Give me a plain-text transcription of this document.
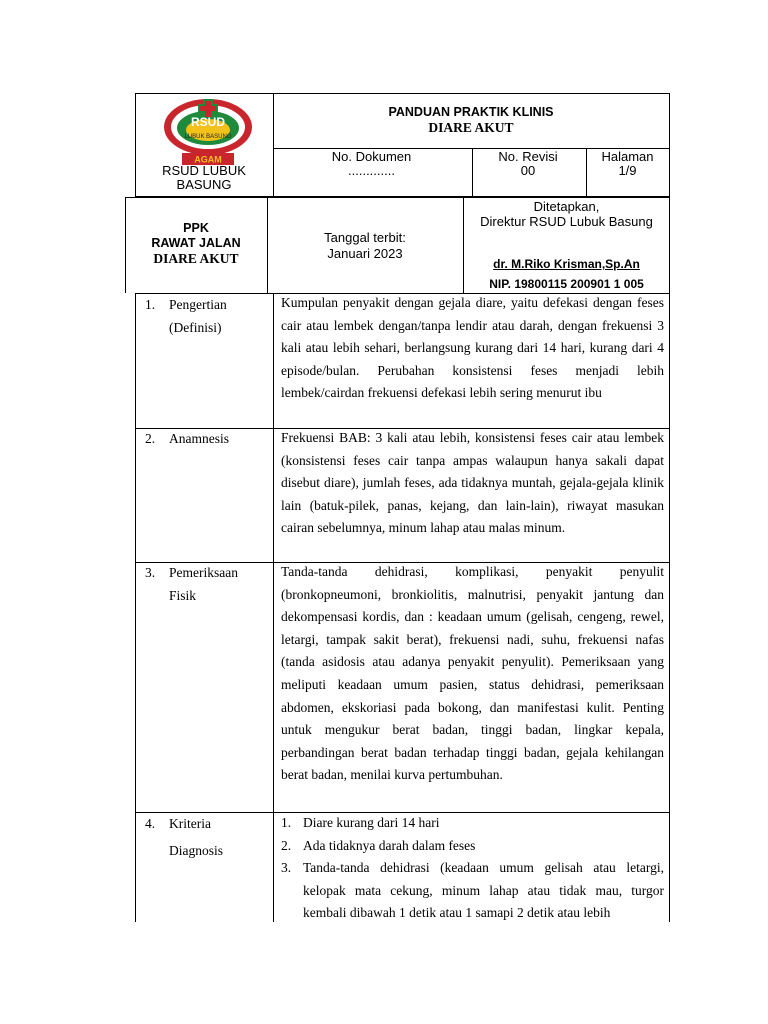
RSUD
LUBUK BASUNG
AGAM
RSUD LUBUK
BASUNG
PANDUAN PRAKTIK KLINIS
DIARE AKUT
No. Dokumen
.............
No. Revisi
00
Halaman
1/9
PPK
RAWAT JALAN
DIARE AKUT
Tanggal terbit:
Januari 2023
Ditetapkan,
Direktur RSUD Lubuk Basung
dr. M.Riko Krisman,Sp.An
NIP. 19800115 200901 1 005
1. Pengertian
(Definisi)
Kumpulan penyakit dengan gejala diare, yaitu defekasi dengan feses cair atau lembek dengan/tanpa lendir atau darah, dengan frekuensi 3 kali atau lebih sehari, berlangsung kurang dari 14 hari, kurang dari 4 episode/bulan. Perubahan konsistensi feses menjadi lebih lembek/cairdan frekuensi defekasi lebih sering menurut ibu
2. Anamnesis	Frekuensi BAB: 3 kali atau lebih, konsistensi feses cair atau lembek (konsistensi feses cair tanpa ampas walaupun hanya sakali dapat disebut diare), jumlah feses, ada tidaknya muntah, gejala-gejala klinik lain (batuk-pilek, panas, kejang, dan lain-lain), riwayat masukan cairan sebelumnya, minum lahap atau malas minum.
3. Pemeriksaan
Fisik
Tanda-tanda dehidrasi, komplikasi, penyakit penyulit (bronkopneumoni, bronkiolitis, malnutrisi, penyakit jantung dan dekompensasi kordis, dan : keadaan umum (gelisah, cengeng, rewel, letargi, tampak sakit berat), frekuensi nadi, suhu, frekuensi nafas (tanda asidosis atau adanya penyakit penyulit). Pemeriksaan yang meliputi keadaan umum pasien, status dehidrasi, pemeriksaan abdomen, ekskoriasi pada bokong, dan manifestasi kulit. Penting untuk mengukur berat badan, tinggi badan, lingkar kepala, perbandingan berat badan terhadap tinggi badan, gejala kehilangan berat badan, menilai kurva pertumbuhan.
4. Kriteria
Diagnosis
1. Diare kurang dari 14 hari
2. Ada tidaknya darah dalam feses
3. Tanda-tanda dehidrasi (keadaan umum gelisah atau letargi, kelopak mata cekung, minum lahap atau tidak mau, turgor kembali dibawah 1 detik atau 1 samapi 2 detik atau lebih
